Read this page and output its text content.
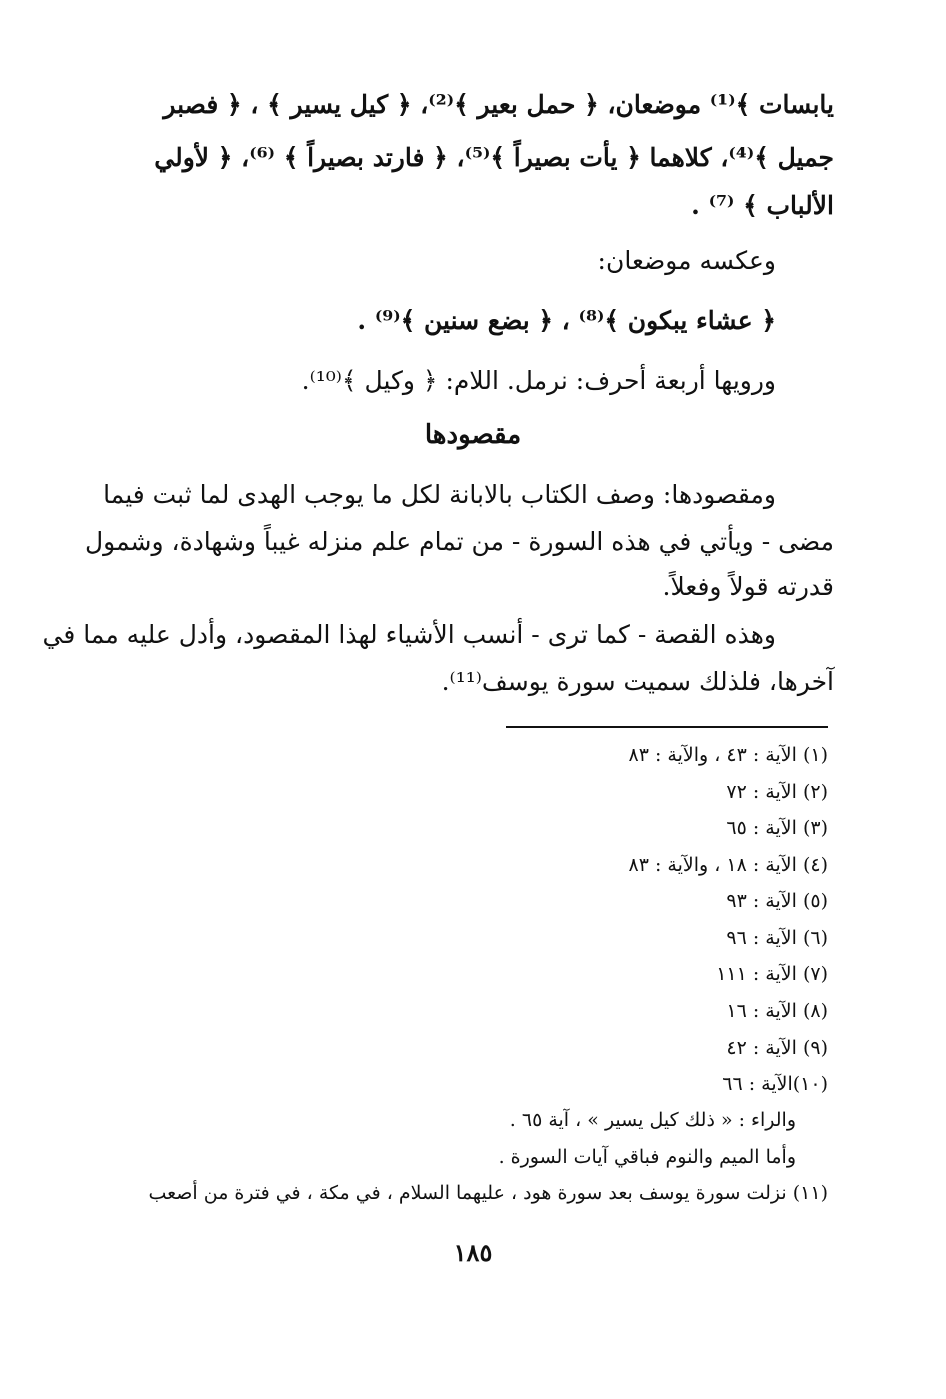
يابسات ﴾⁽¹⁾ موضعان، ﴿ حمل بعير ﴾⁽²⁾، ﴿ كيل يسير ﴾ ، ﴿ فصبر
جميل ﴾⁽⁴⁾، كلاهما ﴿ يأت بصيراً ﴾⁽⁵⁾، ﴿ فارتد بصيراً ﴾ ⁽⁶⁾، ﴿ لأولي
الألباب ﴾ ⁽⁷⁾ .
وعكسه موضعان:
﴿ عشاء يبكون ﴾⁽⁸⁾ ، ﴿ بضع سنين ﴾⁽⁹⁾ .
ورويها أربعة أحرف: نرمل. اللام: ﴿ وكيل ﴾⁽¹⁰⁾.
مقصودها
ومقصودها: وصف الكتاب بالابانة لكل ما يوجب الهدى لما ثبت فيما
مضى - ويأتي في هذه السورة - من تمام علم منزله غيباً وشهادة، وشمول
قدرته قولاً وفعلاً.
وهذه القصة - كما ترى - أنسب الأشياء لهذا المقصود، وأدل عليه مما في
آخرها، فلذلك سميت سورة يوسف⁽¹¹⁾.
(١) الآية : ٤٣ ، والآية : ٨٣
(٢) الآية : ٧٢
(٣) الآية : ٦٥
(٤) الآية : ١٨ ، والآية : ٨٣
(٥) الآية : ٩٣
(٦) الآية : ٩٦
(٧) الآية : ١١١
(٨) الآية : ١٦
(٩) الآية : ٤٢
(١٠)الآية : ٦٦
والراء : « ذلك كيل يسير » ، آية ٦٥ .
وأما الميم والنوم فباقي آيات السورة .
(١١) نزلت سورة يوسف بعد سورة هود ، عليهما السلام ، في مكة ، في فترة من أصعب
١٨٥
